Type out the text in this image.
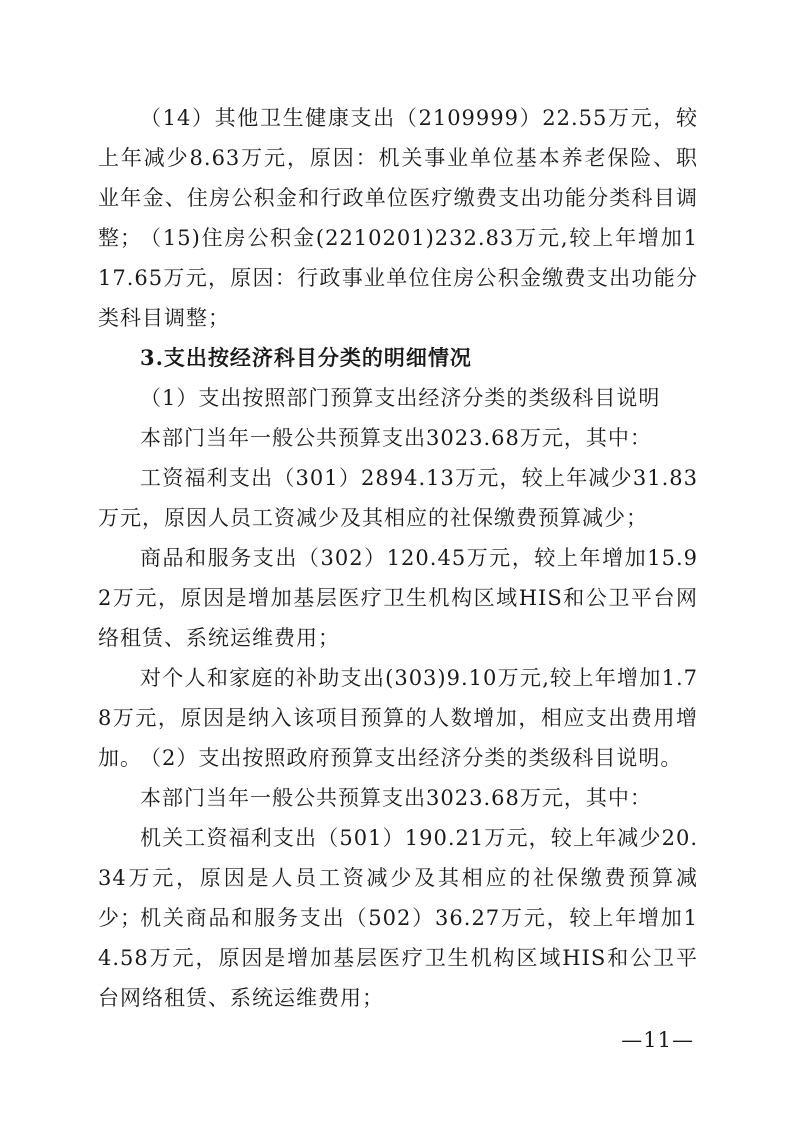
（14）其他卫生健康支出（2109999）22.55万元，较上年减少8.63万元，原因：机关事业单位基本养老保险、职业年金、住房公积金和行政单位医疗缴费支出功能分类科目调整；

（15)住房公积金(2210201)232.83万元,较上年增加117.65万元，原因：行政事业单位住房公积金缴费支出功能分类科目调整；

3.支出按经济科目分类的明细情况

（1）支出按照部门预算支出经济分类的类级科目说明

本部门当年一般公共预算支出3023.68万元，其中：

工资福利支出（301）2894.13万元，较上年减少31.83万元，原因人员工资减少及其相应的社保缴费预算减少；

商品和服务支出（302）120.45万元，较上年增加15.92万元，原因是增加基层医疗卫生机构区域HIS和公卫平台网络租赁、系统运维费用；

对个人和家庭的补助支出(303)9.10万元,较上年增加1.78万元，原因是纳入该项目预算的人数增加，相应支出费用增加。

（2）支出按照政府预算支出经济分类的类级科目说明。

本部门当年一般公共预算支出3023.68万元，其中：

机关工资福利支出（501）190.21万元，较上年减少20.34万元，原因是人员工资减少及其相应的社保缴费预算减少；

机关商品和服务支出（502）36.27万元，较上年增加14.58万元，原因是增加基层医疗卫生机构区域HIS和公卫平台网络租赁、系统运维费用；

—11—
